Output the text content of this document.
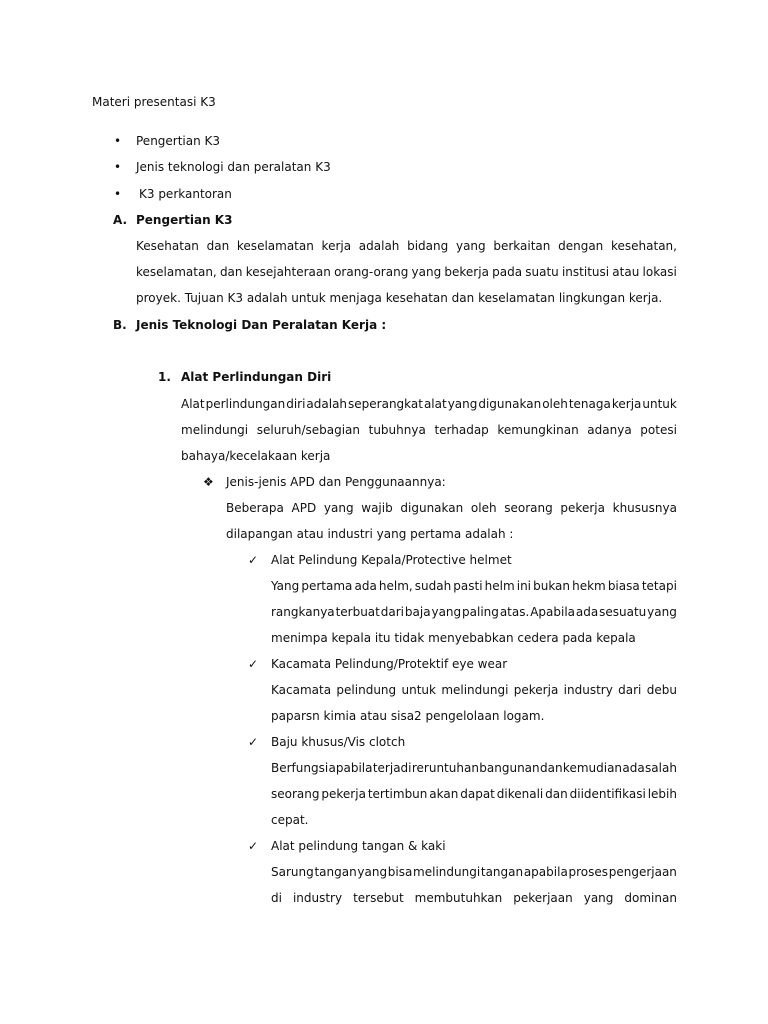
Materi presentasi K3
• Pengertian K3
• Jenis teknologi dan peralatan K3
• K3 perkantoran
A. Pengertian K3
Kesehatan dan keselamatan kerja adalah bidang yang berkaitan dengan kesehatan,
keselamatan, dan kesejahteraan orang-orang yang bekerja pada suatu institusi atau lokasi
proyek. Tujuan K3 adalah untuk menjaga kesehatan dan keselamatan lingkungan kerja.
B. Jenis Teknologi Dan Peralatan Kerja :
1. Alat Perlindungan Diri
Alat perlindungan diri adalah seperangkat alat yang digunakan oleh tenaga kerja untuk
melindungi seluruh/sebagian tubuhnya terhadap kemungkinan adanya potesi
bahaya/kecelakaan kerja
❖ Jenis-jenis APD dan Penggunaannya:
Beberapa APD yang wajib digunakan oleh seorang pekerja khususnya
dilapangan atau industri yang pertama adalah :
✓ Alat Pelindung Kepala/Protective helmet
Yang pertama ada helm, sudah pasti helm ini bukan hekm biasa tetapi
rangkanya terbuat dari baja yang paling atas. Apabila ada sesuatu yang
menimpa kepala itu tidak menyebabkan cedera pada kepala
✓ Kacamata Pelindung/Protektif eye wear
Kacamata pelindung untuk melindungi pekerja industry dari debu
paparsn kimia atau sisa2 pengelolaan logam.
✓ Baju khusus/Vis clotch
Berfungsi apabila terjadi reruntuhan bangunan dan kemudian ada salah
seorang pekerja tertimbun akan dapat dikenali dan diidentifikasi lebih
cepat.
✓ Alat pelindung tangan & kaki
Sarung tangan yang bisa melindungi tangan apabila proses pengerjaan
di industry tersebut membutuhkan pekerjaan yang dominan
